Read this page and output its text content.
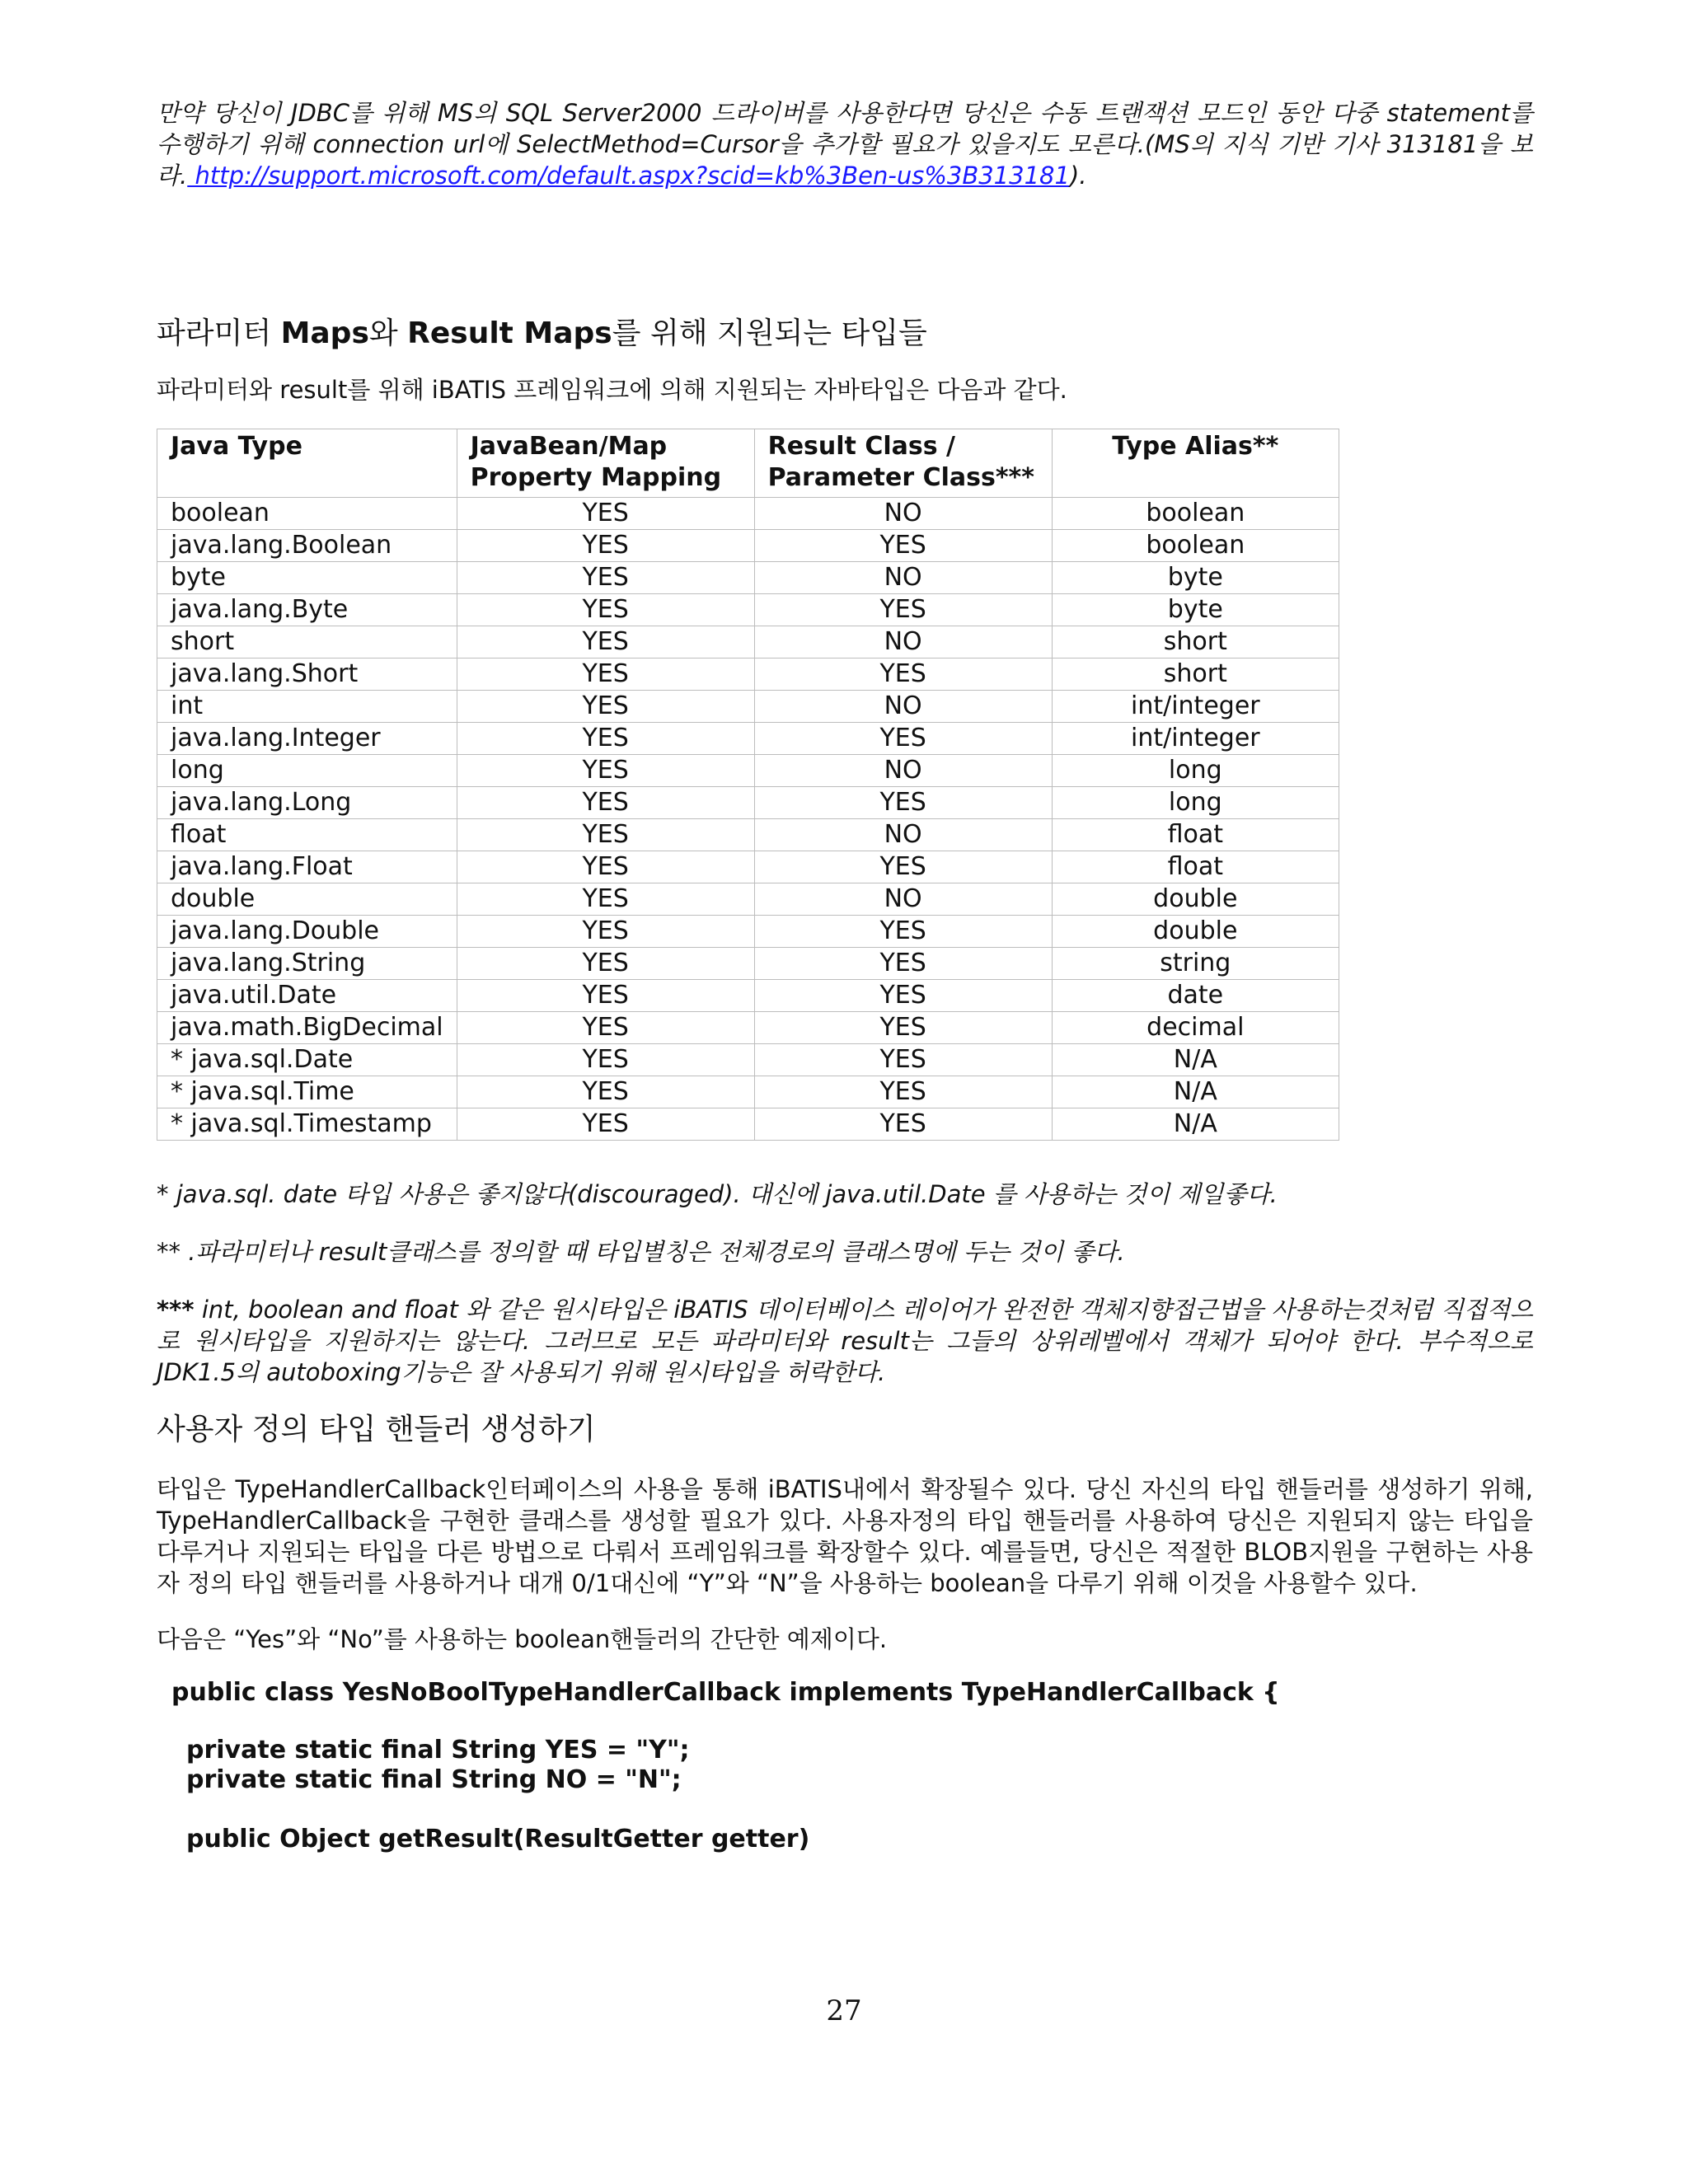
만약 당신이 JDBC를 위해 MS의 SQL Server2000 드라이버를 사용한다면 당신은 수동 트랜잭션 모드인 동안 다중 statement를 수행하기 위해 connection url에 SelectMethod=Cursor을 추가할 필요가 있을지도 모른다.(MS의 지식 기반 기사 313181을 보라. http://support.microsoft.com/default.aspx?scid=kb%3Ben-us%3B313181).

파라미터 Maps와 Result Maps를 위해 지원되는 타입들

파라미터와 result를 위해 iBATIS 프레임워크에 의해 지원되는 자바타입은 다음과 같다.

Java Type	JavaBean/Map Property Mapping	Result Class / Parameter Class***	Type Alias**
boolean	YES	NO	boolean
java.lang.Boolean	YES	YES	boolean
byte	YES	NO	byte
java.lang.Byte	YES	YES	byte
short	YES	NO	short
java.lang.Short	YES	YES	short
int	YES	NO	int/integer
java.lang.Integer	YES	YES	int/integer
long	YES	NO	long
java.lang.Long	YES	YES	long
float	YES	NO	float
java.lang.Float	YES	YES	float
double	YES	NO	double
java.lang.Double	YES	YES	double
java.lang.String	YES	YES	string
java.util.Date	YES	YES	date
java.math.BigDecimal	YES	YES	decimal
* java.sql.Date	YES	YES	N/A
* java.sql.Time	YES	YES	N/A
* java.sql.Timestamp	YES	YES	N/A

* java.sql. date 타입 사용은 좋지않다(discouraged). 대신에 java.util.Date 를 사용하는 것이 제일좋다.

** .파라미터나 result클래스를 정의할 때 타입별칭은 전체경로의 클래스명에 두는 것이 좋다.

*** int, boolean and float 와 같은 원시타입은 iBATIS 데이터베이스 레이어가 완전한 객체지향접근법을 사용하는것처럼 직접적으로 원시타입을 지원하지는 않는다. 그러므로 모든 파라미터와 result는 그들의 상위레벨에서 객체가 되어야 한다. 부수적으로 JDK1.5의 autoboxing기능은 잘 사용되기 위해 원시타입을 허락한다.

사용자 정의 타입 핸들러 생성하기

타입은 TypeHandlerCallback인터페이스의 사용을 통해 iBATIS내에서 확장될수 있다. 당신 자신의 타입 핸들러를 생성하기 위해, TypeHandlerCallback을 구현한 클래스를 생성할 필요가 있다. 사용자정의 타입 핸들러를 사용하여 당신은 지원되지 않는 타입을 다루거나 지원되는 타입을 다른 방법으로 다뤄서 프레임워크를 확장할수 있다. 예를들면, 당신은 적절한 BLOB지원을 구현하는 사용자 정의 타입 핸들러를 사용하거나 대개 0/1대신에 “Y”와 “N”을 사용하는 boolean을 다루기 위해 이것을 사용할수 있다.

다음은 “Yes”와 “No”를 사용하는 boolean핸들러의 간단한 예제이다.

public class YesNoBoolTypeHandlerCallback implements TypeHandlerCallback {

private static final String YES = "Y";

private static final String NO = "N";

public Object getResult(ResultGetter getter)

27
